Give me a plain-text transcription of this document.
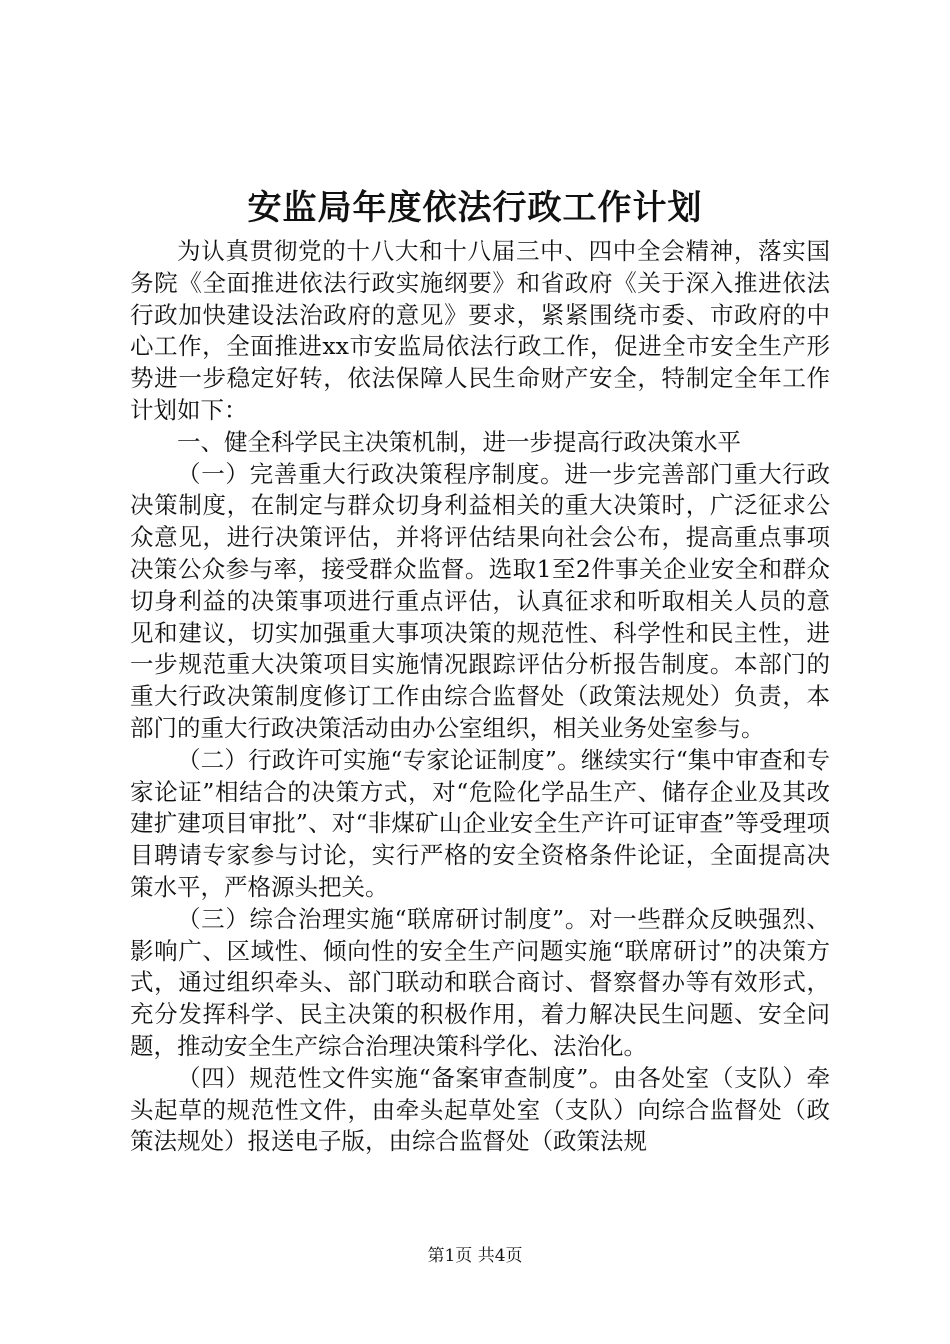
安监局年度依法行政工作计划

为认真贯彻党的十八大和十八届三中、四中全会精神，落实国务院《全面推进依法行政实施纲要》和省政府《关于深入推进依法行政加快建设法治政府的意见》要求，紧紧围绕市委、市政府的中心工作，全面推进xx市安监局依法行政工作，促进全市安全生产形势进一步稳定好转，依法保障人民生命财产安全，特制定全年工作计划如下：

一、健全科学民主决策机制，进一步提高行政决策水平

（一）完善重大行政决策程序制度。进一步完善部门重大行政决策制度，在制定与群众切身利益相关的重大决策时，广泛征求公众意见，进行决策评估，并将评估结果向社会公布，提高重点事项决策公众参与率，接受群众监督。选取1至2件事关企业安全和群众切身利益的决策事项进行重点评估，认真征求和听取相关人员的意见和建议，切实加强重大事项决策的规范性、科学性和民主性，进一步规范重大决策项目实施情况跟踪评估分析报告制度。本部门的重大行政决策制度修订工作由综合监督处（政策法规处）负责，本部门的重大行政决策活动由办公室组织，相关业务处室参与。

（二）行政许可实施“专家论证制度”。继续实行“集中审查和专家论证”相结合的决策方式，对“危险化学品生产、储存企业及其改建扩建项目审批”、对“非煤矿山企业安全生产许可证审查”等受理项目聘请专家参与讨论，实行严格的安全资格条件论证，全面提高决策水平，严格源头把关。

（三）综合治理实施“联席研讨制度”。对一些群众反映强烈、影响广、区域性、倾向性的安全生产问题实施“联席研讨”的决策方式，通过组织牵头、部门联动和联合商讨、督察督办等有效形式，充分发挥科学、民主决策的积极作用，着力解决民生问题、安全问题，推动安全生产综合治理决策科学化、法治化。

（四）规范性文件实施“备案审查制度”。由各处室（支队）牵头起草的规范性文件，由牵头起草处室（支队）向综合监督处（政策法规处）报送电子版，由综合监督处（政策法规

第1页 共4页
